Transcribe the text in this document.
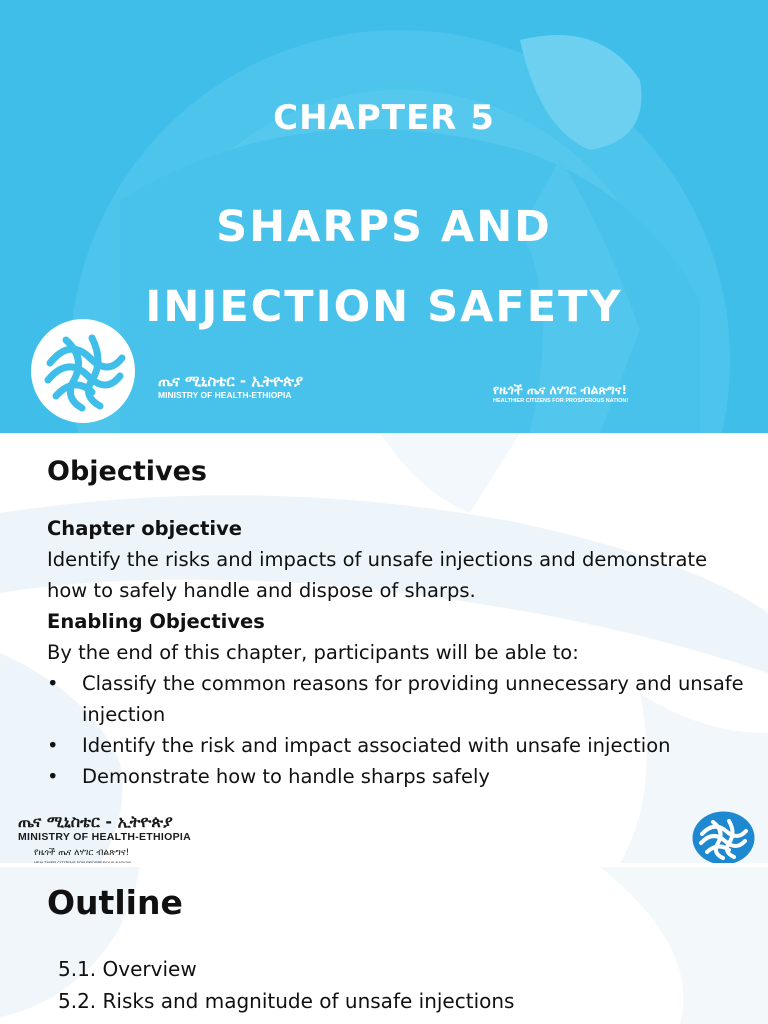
CHAPTER 5
SHARPS AND
INJECTION SAFETY
ጤና ሚኒስቴር - ኢትዮጵያ
MINISTRY OF HEALTH-ETHIOPIA	የዜጎች ጤና ለሃገር ብልጽግና!
HEALTHIER CITIZENS FOR PROSPEROUS NATION!
Objectives
Chapter objective
Identify the risks and impacts of unsafe injections and demonstrate how to safely handle and dispose of sharps.
Enabling Objectives
By the end of this chapter, participants will be able to:
• Classify the common reasons for providing unnecessary and unsafe injection
• Identify the risk and impact associated with unsafe injection
• Demonstrate how to handle sharps safely
ጤና ሚኒስቴር - ኢትዮጵያ
MINISTRY OF HEALTH-ETHIOPIA
የዜጎች ጤና ለሃገር ብልጽግና!
HEALTHIER CITIZENS FOR PROSPEROUS NATION!
Outline
5.1. Overview
5.2. Risks and magnitude of unsafe injections
